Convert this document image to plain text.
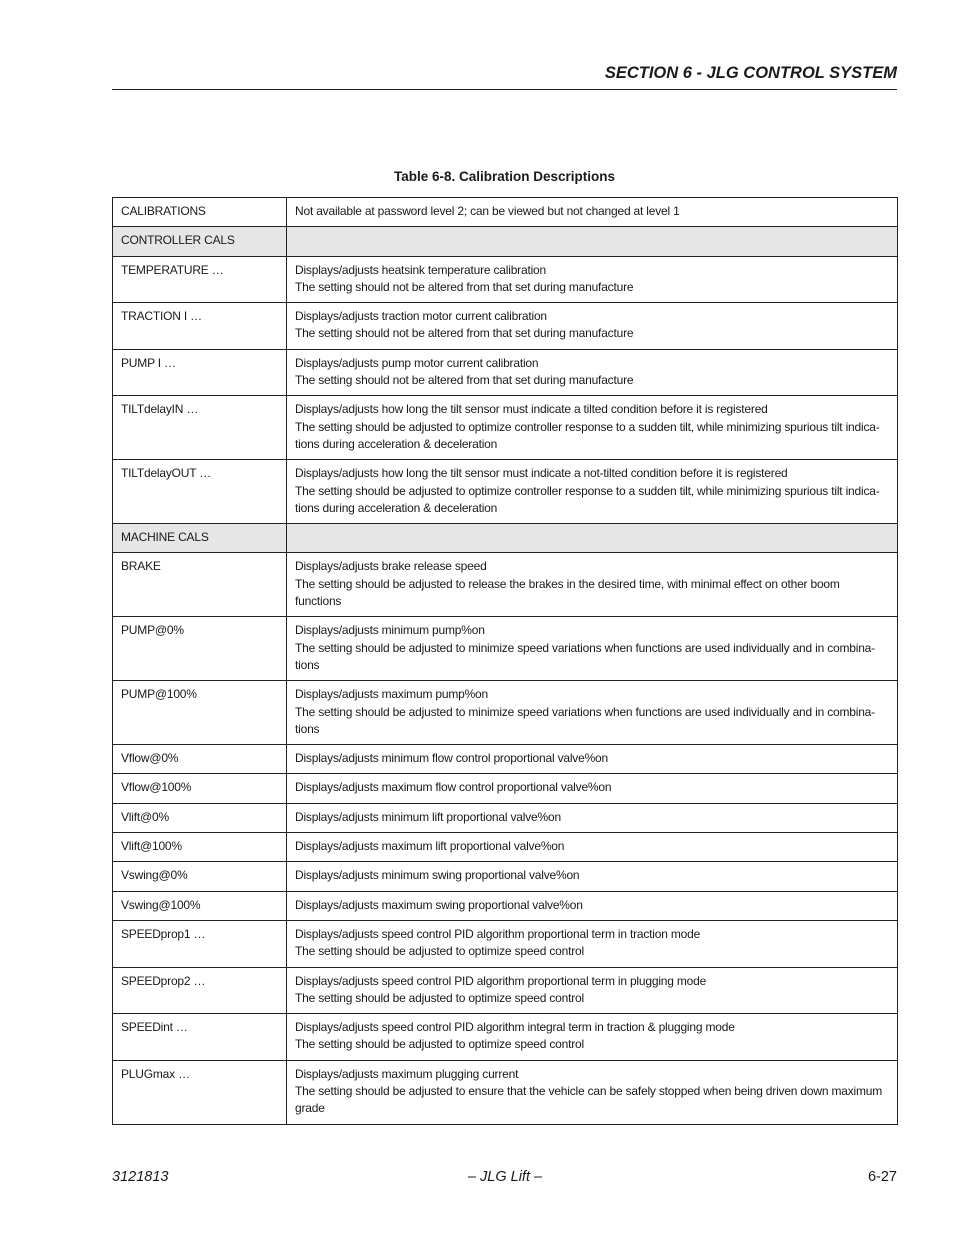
SECTION 6 - JLG CONTROL SYSTEM
Table 6-8. Calibration Descriptions
CALIBRATIONS	Not available at password level 2; can be viewed but not changed at level 1

CONTROLLER CALS	
TEMPERATURE …	Displays/adjusts heatsink temperature calibration
The setting should not be altered from that set during manufacture

TRACTION I …	Displays/adjusts traction motor current calibration
The setting should not be altered from that set during manufacture

PUMP I …	Displays/adjusts pump motor current calibration
The setting should not be altered from that set during manufacture

TILTdelayIN …	Displays/adjusts how long the tilt sensor must indicate a tilted condition before it is registered
The setting should be adjusted to optimize controller response to a sudden tilt, while minimizing spurious tilt indica-
tions during acceleration & deceleration

TILTdelayOUT …	Displays/adjusts how long the tilt sensor must indicate a not-tilted condition before it is registered
The setting should be adjusted to optimize controller response to a sudden tilt, while minimizing spurious tilt indica-
tions during acceleration & deceleration

MACHINE CALS	
BRAKE	Displays/adjusts brake release speed
The setting should be adjusted to release the brakes in the desired time, with minimal effect on other boom functions

PUMP@0%	Displays/adjusts minimum pump%on
The setting should be adjusted to minimize speed variations when functions are used individually and in combina-
tions

PUMP@100%	Displays/adjusts maximum pump%on
The setting should be adjusted to minimize speed variations when functions are used individually and in combina-
tions

Vflow@0%	Displays/adjusts minimum flow control proportional valve%on

Vflow@100%	Displays/adjusts maximum flow control proportional valve%on

Vlift@0%	Displays/adjusts minimum lift proportional valve%on

Vlift@100%	Displays/adjusts maximum lift proportional valve%on

Vswing@0%	Displays/adjusts minimum swing proportional valve%on

Vswing@100%	Displays/adjusts maximum swing proportional valve%on

SPEEDprop1 …	Displays/adjusts speed control PID algorithm proportional term in traction mode
The setting should be adjusted to optimize speed control

SPEEDprop2 …	Displays/adjusts speed control PID algorithm proportional term in plugging mode
The setting should be adjusted to optimize speed control

SPEEDint …	Displays/adjusts speed control PID algorithm integral term in traction & plugging mode
The setting should be adjusted to optimize speed control

PLUGmax …	Displays/adjusts maximum plugging current
The setting should be adjusted to ensure that the vehicle can be safely stopped when being driven down maximum
grade
3121813	– JLG Lift –	6-27
